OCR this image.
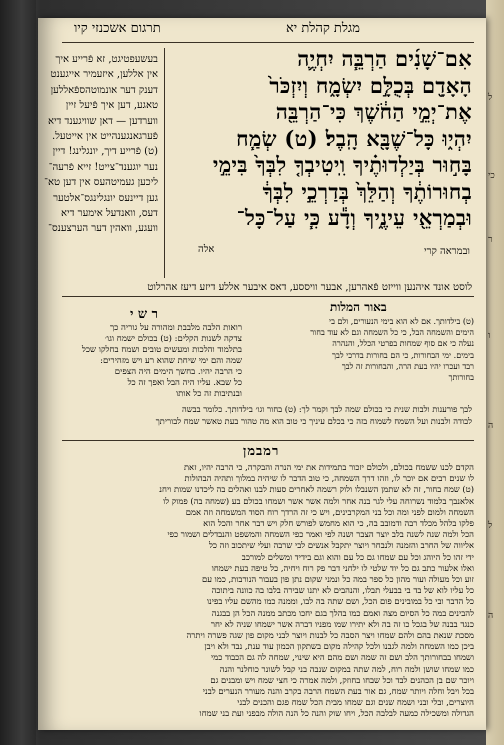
ל
כי
ר
ו
ה
ל
ה
תרגום אשכנזי קיו	מגלת קהלת יא
בעשעפטיגט, זא פֿרייע איך
אין אללען, איזעמיר אייגענט
דענק דער אונמוטהספֿאללען
טאגע, דען איך פֿיעל זיין
ווערדען — דאן שוויגענד דיא
פֿערגאנגענהייט אין אייטעל.
(ט) פֿרייע דיך, יונגלינג! דיין
נער יוגענד־צייט! זייא פֿרעה־
ליכען געמיטהעס אין דען טא־
גען דיינעס יונגלינגס־אלטער
דעס, וואנדעל אימער דיא
וועגע, וואהין דער הערצענס־
אִם־שָׁנִ֜ים הַרְבֵּ֧ה יִחְיֶ֛ה
הָאָדָ֖ם בְּכֻלָּ֣ם יִשְׂמָ֑ח וְיִזְכֹּר֙
אֶת־יְמֵ֣י הַחֹ֔שֶׁךְ כִּי־הַרְבֵּ֖ה
יִהְי֑וּ כָּל־שֶׁבָּ֖א הָֽבֶל׃ (ט) שְׂמַ֧ח
בָּח֣וּר בְּיַלְדוּתֶ֗יךָ וִֽיטִיבְךָ֤ לִבְּךָ֙ בִּימֵ֣י
בְחוּרוֹתֶ֔ךָ וְהַלֵּךְ֙ בְּדַרְכֵ֣י לִבְּךָ֔
וּבְמַרְאֵ֖י עֵינֶ֑יךָ וְדָ֕ע כִּ֧י עַל־כָּל־
אלה	ובמראה קרי
לוסט אונד איהנען ווייזט פֿאהרען, אבער וויססע, דאס איבער אללע דיזע דיעז אהרלוט
באור המלות
ר ש י
רואות הלבה מלבבת ומהורה על גוריה כך
צדקה לשנות הקלים: (ט) בכולם ישמח וגו׳
בתלמוד והלכות ומעשים טובים ושמח בחלקו שכל
שמה והם ימי שיחת שהוא רע ויש מזהירים:
כי הרבה יהיו. בחשך הימים היה הצפים
כל שבא. עליו היה הבל ואפך זה כל
ובנתיבות זה כל אותו
(ט) בילדותך. אם לא הוא בימי הנעורים, ולם בי
הימים והשמחה הבל, כי כל השמחה וגם לא עוד בחור
נעלה כי אם סוף שמחות בפרטי הכלל, והנהרה
בימים. ימי הבחורות, כי הם בחורות בדרכי לבך
רבד ועכרו יהיו בעת הרה, והבחורות זה לבך
בחורותך
לבך פורענות ולבות שנית כי בכולם שמה לבך וקמר לך: (ט) בחור וגו׳ בילדותך. כלומר בבשה
לבודה ולבנות ועל השמח לשמוח בזה כי בכלם עיניך כי טוב הוא מה טהור בעת טאשר שמח לבוריתך
רמבמן
הקדם לכנו ששמח בכולם, ולכולם יזכור בתמידות את ימי הנרה והבקרה, כי הרבה יהיו, זאת
לו שנים רבים אם יוכר לו, וזהו דרך השמחה, כי טוב הדבר לו שיהיה במלוך ותהיה הבהולות
(ט) שמח בחור, זה לא שתמן השנבלו ולוק רשמה לאחרים סעות לבנו ואהלים בה ליכדנו שמות ויחנ
אלאנבך בלמוד נשרוחה עלי לגר בנה אחר ולמה אשר אשר ושמחו בכולם בע (שמחה בה) פמוק לו
השמחה ולמום לפני ומה וכל בני המקרבינים, ויש כי זה הרדך רוח הסוד המשמחה וזה אמם
פלקו בלהל מכלד רבה ודמובב בה, כי הוא מחמש לפורש חלק ויש דבר אחר והכל הוא
הכל ולמה שנה לשנה בלב יוצר הצבר ושנה לפי ואמר כפי השמחה והמשפט והנבדלים ושמור כפי
אליווה של החרב והזמנה ולנבחר ויוצר יתקבל אנשים לבי שרבה ועלי שיתכוב וזה כל
ידי זהו כל היוהג וכל עם שמחו גם כל עם והוא וגם בידיד ומשלים למורכב
ואלו אלעור כתב גם כל יוד שלטי לו ילחני דבר פק רוח ויחיה, כל טיפה בעת ישמחו
זוע וכל מעולה ועור מהון כל ספר במה כל ונמני שקום נתן פון בעבור הנורבות, כמו עם
כל עליו לוא של בד בי בבעלי תבלו, והנהבים לא יתנו שבירה בלבו בה כוונה ביתוכה
כל הדבר ובי כל במובינים פום הכל, ושם שתה בה לבו, וממנה כמו מהשם עליו בפינו
להבינים במה כל הסיום מצה ואמם כמו בהלך בגם יחכו מכתב ממנה הכל הן בבגנה
כנגד בבנה של בגכל כו זה בה ולא יתירו שמו מפניו דברה אשר ישמחו שניה לא יחר
מסכת שנאת בהם ולהם שמחו ויצר הסבה כל לבנות ויוצר לבני מקום פון שגה פשרה ויתרה
ביכן כמו השמחה ולמה לגבנו ולכל קהילה מקום בשתקון הכמון עוד ענת, נבד ולא ויבן
ושמחו בבחורותך הלב ושם זה שמה ושם מהם היא שינוי, שמחה לה גם הכבוד כמי
כמו שמחו שושן ולמה רוח, למה שתה במקום שנבה בני קבל לשונר כוחלנר והנה
ויוכר שם בן הכהנים לבד וכל שבחו בחוזק, ולמה אמרה כי חצי שמח ויש ומבנים גם
בכל ויבל וחלה ויותר שמח, גם אור בעת השמח הרבה בקרב והנה מעורר הנערים לבני
היוצרים, ובלי ובני ושמח שנים וגם שמחו מבית הכל שמח פגם והכנים לבני
הגדולה ומשכילה כמעה לבלבה הכל, ויחו שוק והנה כל הנה הולה מבפני ועת בני שמחו
